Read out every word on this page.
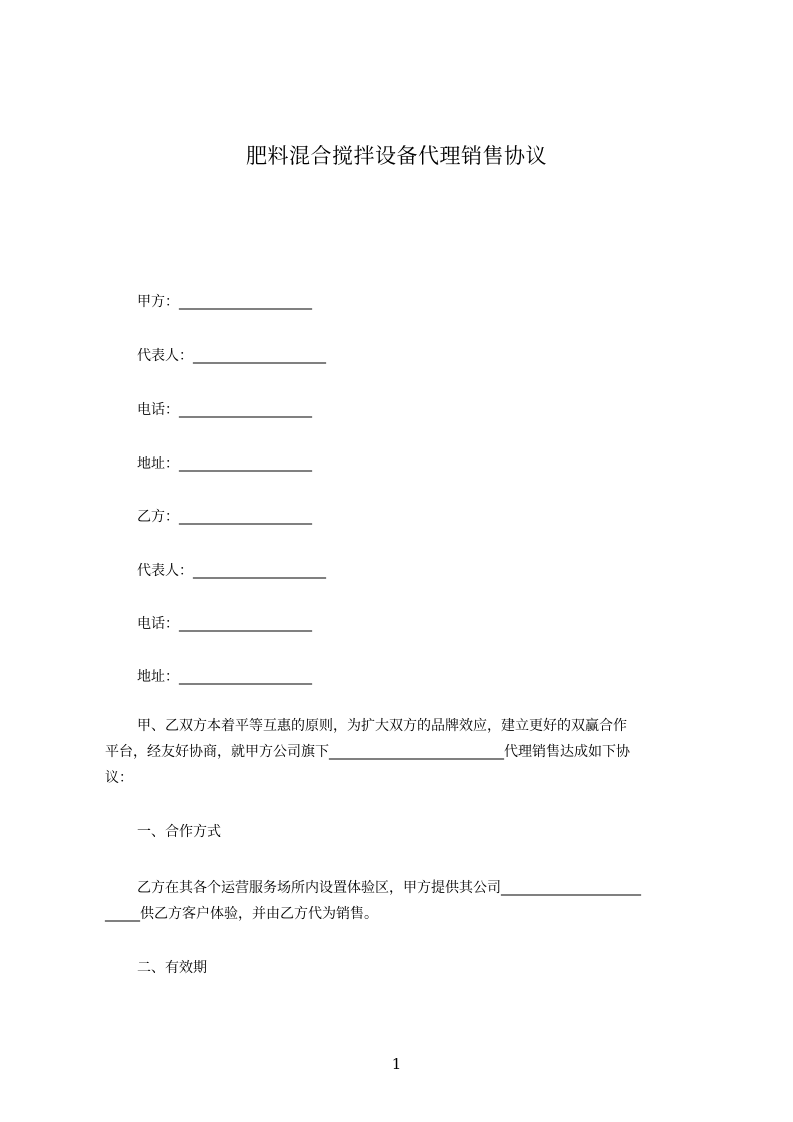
肥料混合搅拌设备代理销售协议
甲方：___________________
代表人：___________________
电话：___________________
地址：___________________
乙方：___________________
代表人：___________________
电话：___________________
地址：___________________
甲、乙双方本着平等互惠的原则，为扩大双方的品牌效应，建立更好的双赢合作
平台，经友好协商，就甲方公司旗下_________________________代理销售达成如下协
议：
一、合作方式
乙方在其各个运营服务场所内设置体验区，甲方提供其公司____________________
_____供乙方客户体验，并由乙方代为销售。
二、有效期
1
